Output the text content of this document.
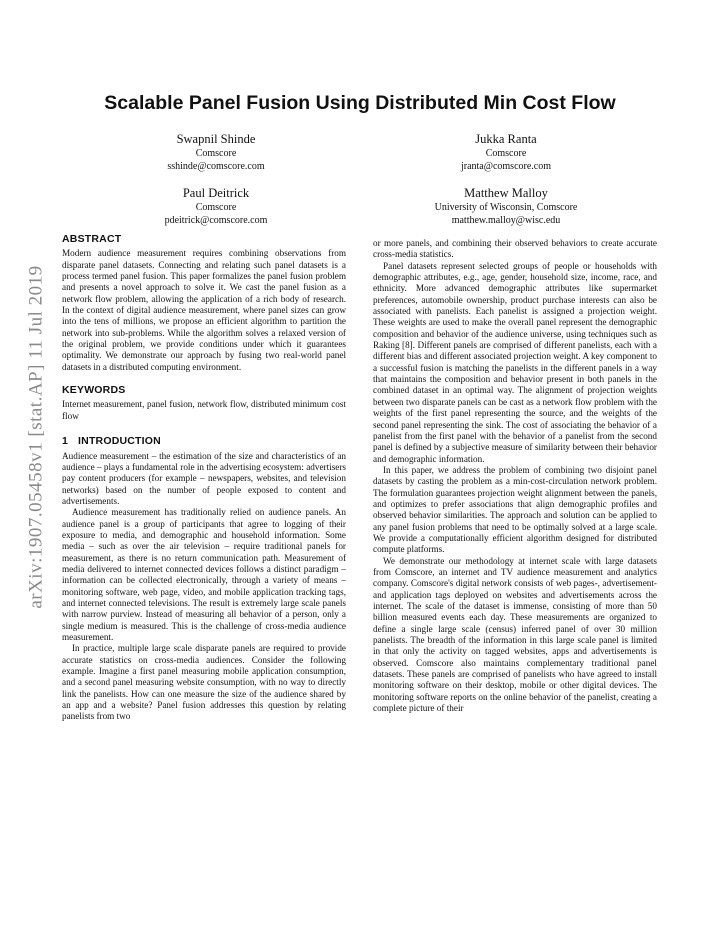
Scalable Panel Fusion Using Distributed Min Cost Flow
Swapnil Shinde
Comscore
sshinde@comscore.com
Jukka Ranta
Comscore
jranta@comscore.com
Paul Deitrick
Comscore
pdeitrick@comscore.com
Matthew Malloy
University of Wisconsin, Comscore
matthew.malloy@wisc.edu
arXiv:1907.05458v1 [stat.AP] 11 Jul 2019
ABSTRACT

Modern audience measurement requires combining observations from disparate panel datasets. Connecting and relating such panel datasets is a process termed panel fusion. This paper formalizes the panel fusion problem and presents a novel approach to solve it. We cast the panel fusion as a network flow problem, allowing the application of a rich body of research. In the context of digital audience measurement, where panel sizes can grow into the tens of millions, we propose an efficient algorithm to partition the network into sub-problems. While the algorithm solves a relaxed version of the original problem, we provide conditions under which it guarantees optimality. We demonstrate our approach by fusing two real-world panel datasets in a distributed computing environment.

KEYWORDS

Internet measurement, panel fusion, network flow, distributed minimum cost flow

1 INTRODUCTION

Audience measurement – the estimation of the size and characteristics of an audience – plays a fundamental role in the advertising ecosystem: advertisers pay content producers (for example – newspapers, websites, and television networks) based on the number of people exposed to content and advertisements.

Audience measurement has traditionally relied on audience panels. An audience panel is a group of participants that agree to logging of their exposure to media, and demographic and household information. Some media – such as over the air television – require traditional panels for measurement, as there is no return communication path. Measurement of media delivered to internet connected devices follows a distinct paradigm – information can be collected electronically, through a variety of means – monitoring software, web page, video, and mobile application tracking tags, and internet connected televisions. The result is extremely large scale panels with narrow purview. Instead of measuring all behavior of a person, only a single medium is measured. This is the challenge of cross-media audience measurement.

In practice, multiple large scale disparate panels are required to provide accurate statistics on cross-media audiences. Consider the following example. Imagine a first panel measuring mobile application consumption, and a second panel measuring website consumption, with no way to directly link the panelists. How can one measure the size of the audience shared by an app and a website? Panel fusion addresses this question by relating panelists from two

or more panels, and combining their observed behaviors to create accurate cross-media statistics.

Panel datasets represent selected groups of people or households with demographic attributes, e.g., age, gender, household size, income, race, and ethnicity. More advanced demographic attributes like supermarket preferences, automobile ownership, product purchase interests can also be associated with panelists. Each panelist is assigned a projection weight. These weights are used to make the overall panel represent the demographic composition and behavior of the audience universe, using techniques such as Raking [8]. Different panels are comprised of different panelists, each with a different bias and different associated projection weight. A key component to a successful fusion is matching the panelists in the different panels in a way that maintains the composition and behavior present in both panels in the combined dataset in an optimal way. The alignment of projection weights between two disparate panels can be cast as a network flow problem with the weights of the first panel representing the source, and the weights of the second panel representing the sink. The cost of associating the behavior of a panelist from the first panel with the behavior of a panelist from the second panel is defined by a subjective measure of similarity between their behavior and demographic information.

In this paper, we address the problem of combining two disjoint panel datasets by casting the problem as a min-cost-circulation network problem. The formulation guarantees projection weight alignment between the panels, and optimizes to prefer associations that align demographic profiles and observed behavior similarities. The approach and solution can be applied to any panel fusion problems that need to be optimally solved at a large scale. We provide a computationally efficient algorithm designed for distributed compute platforms.

We demonstrate our methodology at internet scale with large datasets from Comscore, an internet and TV audience measurement and analytics company. Comscore's digital network consists of web pages-, advertisement- and application tags deployed on websites and advertisements across the internet. The scale of the dataset is immense, consisting of more than 50 billion measured events each day. These measurements are organized to define a single large scale (census) inferred panel of over 30 million panelists. The breadth of the information in this large scale panel is limited in that only the activity on tagged websites, apps and advertisements is observed. Comscore also maintains complementary traditional panel datasets. These panels are comprised of panelists who have agreed to install monitoring software on their desktop, mobile or other digital devices. The monitoring software reports on the online behavior of the panelist, creating a complete picture of their
